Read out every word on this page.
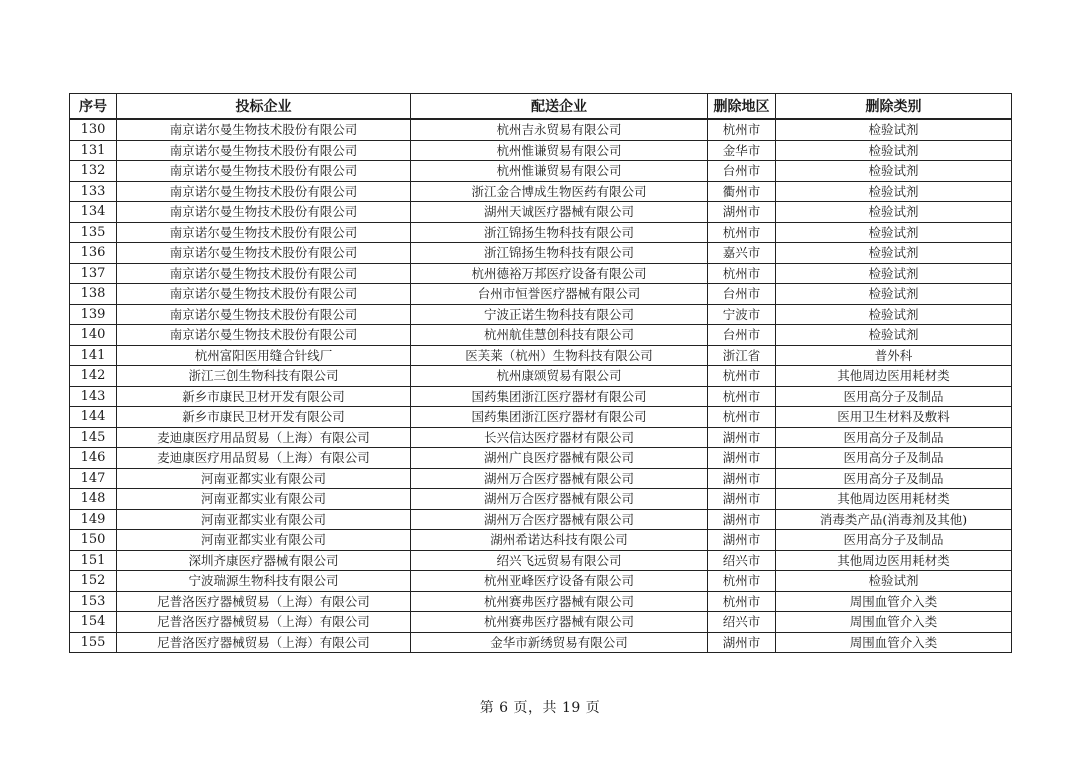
序号	投标企业	配送企业	删除地区	删除类别
130	南京诺尔曼生物技术股份有限公司	杭州吉永贸易有限公司	杭州市	检验试剂
131	南京诺尔曼生物技术股份有限公司	杭州惟谦贸易有限公司	金华市	检验试剂
132	南京诺尔曼生物技术股份有限公司	杭州惟谦贸易有限公司	台州市	检验试剂
133	南京诺尔曼生物技术股份有限公司	浙江金合博成生物医药有限公司	衢州市	检验试剂
134	南京诺尔曼生物技术股份有限公司	湖州天诚医疗器械有限公司	湖州市	检验试剂
135	南京诺尔曼生物技术股份有限公司	浙江锦扬生物科技有限公司	杭州市	检验试剂
136	南京诺尔曼生物技术股份有限公司	浙江锦扬生物科技有限公司	嘉兴市	检验试剂
137	南京诺尔曼生物技术股份有限公司	杭州德裕万邦医疗设备有限公司	杭州市	检验试剂
138	南京诺尔曼生物技术股份有限公司	台州市恒誉医疗器械有限公司	台州市	检验试剂
139	南京诺尔曼生物技术股份有限公司	宁波正诺生物科技有限公司	宁波市	检验试剂
140	南京诺尔曼生物技术股份有限公司	杭州航佳慧创科技有限公司	台州市	检验试剂
141	杭州富阳医用缝合针线厂	医芙莱（杭州）生物科技有限公司	浙江省	普外科
142	浙江三创生物科技有限公司	杭州康颂贸易有限公司	杭州市	其他周边医用耗材类
143	新乡市康民卫材开发有限公司	国药集团浙江医疗器材有限公司	杭州市	医用高分子及制品
144	新乡市康民卫材开发有限公司	国药集团浙江医疗器材有限公司	杭州市	医用卫生材料及敷料
145	麦迪康医疗用品贸易（上海）有限公司	长兴信达医疗器材有限公司	湖州市	医用高分子及制品
146	麦迪康医疗用品贸易（上海）有限公司	湖州广良医疗器械有限公司	湖州市	医用高分子及制品
147	河南亚都实业有限公司	湖州万合医疗器械有限公司	湖州市	医用高分子及制品
148	河南亚都实业有限公司	湖州万合医疗器械有限公司	湖州市	其他周边医用耗材类
149	河南亚都实业有限公司	湖州万合医疗器械有限公司	湖州市	消毒类产品(消毒剂及其他)
150	河南亚都实业有限公司	湖州希诺达科技有限公司	湖州市	医用高分子及制品
151	深圳齐康医疗器械有限公司	绍兴飞远贸易有限公司	绍兴市	其他周边医用耗材类
152	宁波瑞源生物科技有限公司	杭州亚峰医疗设备有限公司	杭州市	检验试剂
153	尼普洛医疗器械贸易（上海）有限公司	杭州赛弗医疗器械有限公司	杭州市	周围血管介入类
154	尼普洛医疗器械贸易（上海）有限公司	杭州赛弗医疗器械有限公司	绍兴市	周围血管介入类
155	尼普洛医疗器械贸易（上海）有限公司	金华市新绣贸易有限公司	湖州市	周围血管介入类
第 6 页，共 19 页
